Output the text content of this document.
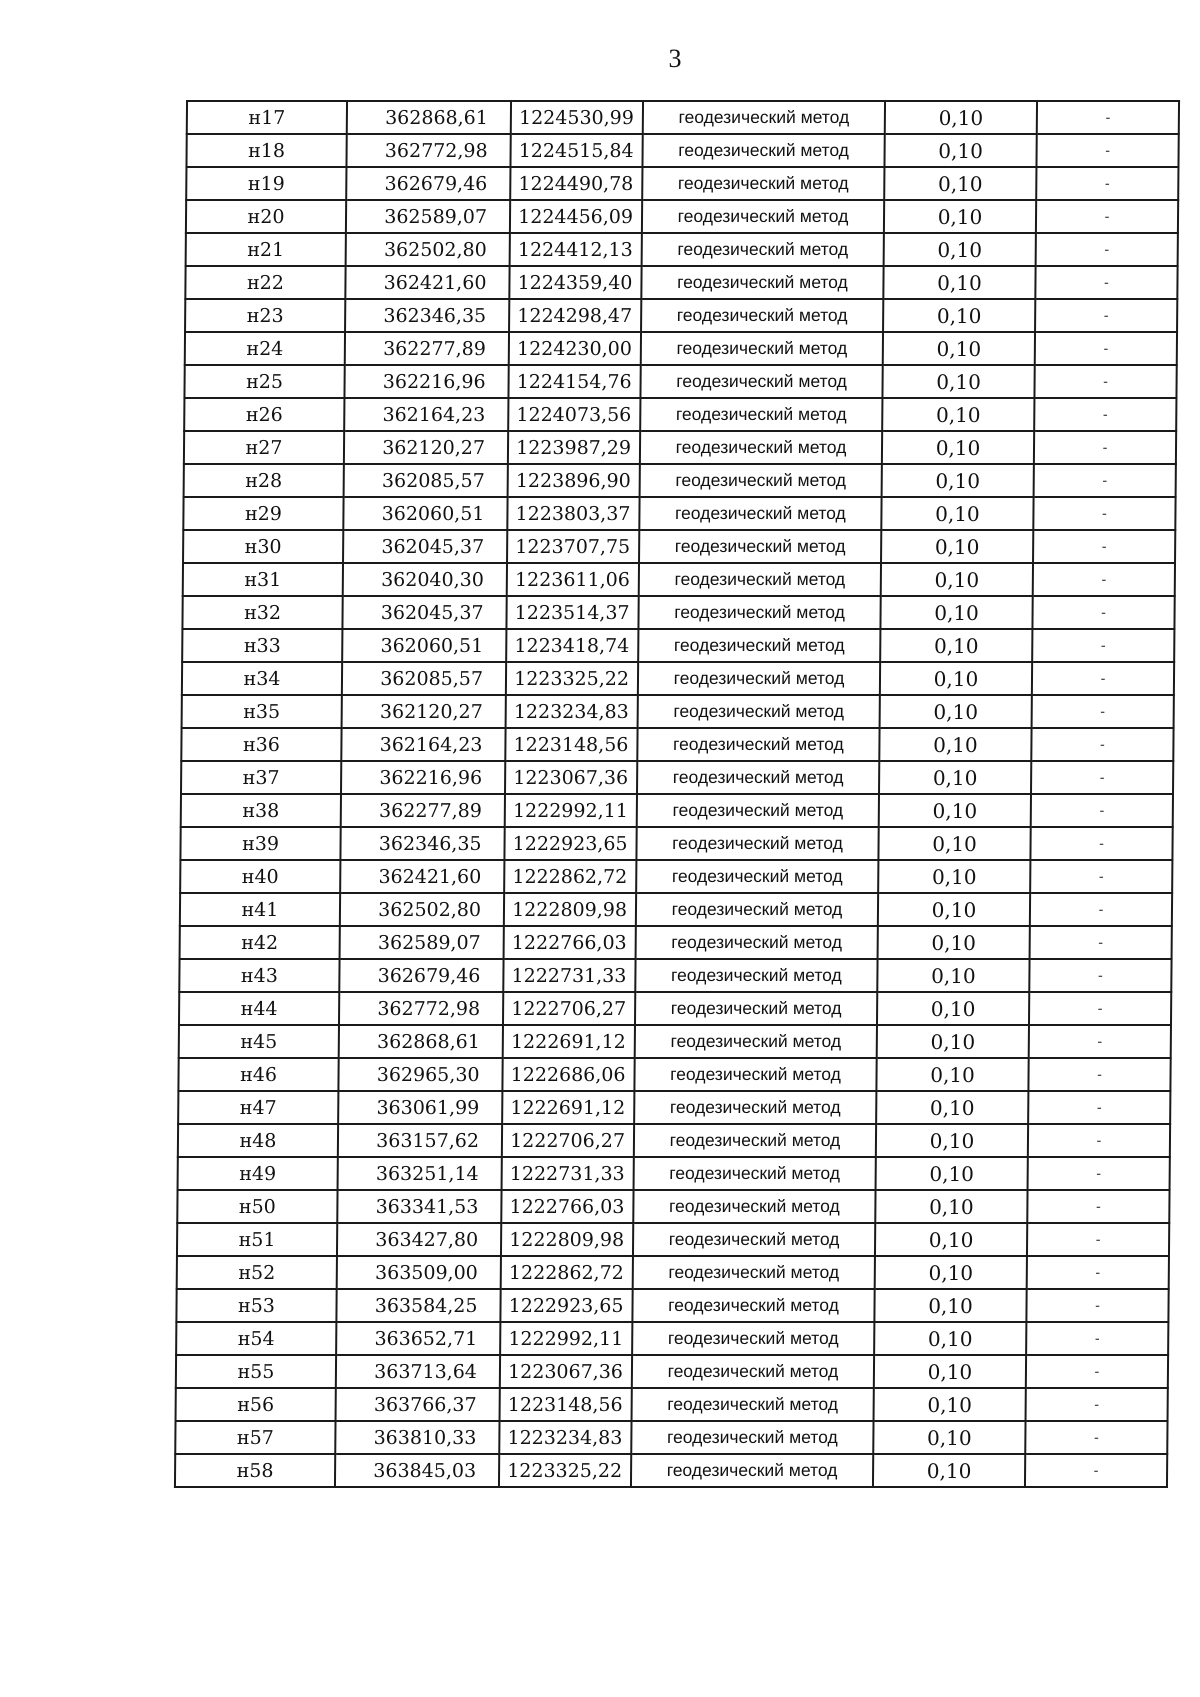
3
н17	362868,61	1224530,99	геодезический метод	0,10	-
н18	362772,98	1224515,84	геодезический метод	0,10	-
н19	362679,46	1224490,78	геодезический метод	0,10	-
н20	362589,07	1224456,09	геодезический метод	0,10	-
н21	362502,80	1224412,13	геодезический метод	0,10	-
н22	362421,60	1224359,40	геодезический метод	0,10	-
н23	362346,35	1224298,47	геодезический метод	0,10	-
н24	362277,89	1224230,00	геодезический метод	0,10	-
н25	362216,96	1224154,76	геодезический метод	0,10	-
н26	362164,23	1224073,56	геодезический метод	0,10	-
н27	362120,27	1223987,29	геодезический метод	0,10	-
н28	362085,57	1223896,90	геодезический метод	0,10	-
н29	362060,51	1223803,37	геодезический метод	0,10	-
н30	362045,37	1223707,75	геодезический метод	0,10	-
н31	362040,30	1223611,06	геодезический метод	0,10	-
н32	362045,37	1223514,37	геодезический метод	0,10	-
н33	362060,51	1223418,74	геодезический метод	0,10	-
н34	362085,57	1223325,22	геодезический метод	0,10	-
н35	362120,27	1223234,83	геодезический метод	0,10	-
н36	362164,23	1223148,56	геодезический метод	0,10	-
н37	362216,96	1223067,36	геодезический метод	0,10	-
н38	362277,89	1222992,11	геодезический метод	0,10	-
н39	362346,35	1222923,65	геодезический метод	0,10	-
н40	362421,60	1222862,72	геодезический метод	0,10	-
н41	362502,80	1222809,98	геодезический метод	0,10	-
н42	362589,07	1222766,03	геодезический метод	0,10	-
н43	362679,46	1222731,33	геодезический метод	0,10	-
н44	362772,98	1222706,27	геодезический метод	0,10	-
н45	362868,61	1222691,12	геодезический метод	0,10	-
н46	362965,30	1222686,06	геодезический метод	0,10	-
н47	363061,99	1222691,12	геодезический метод	0,10	-
н48	363157,62	1222706,27	геодезический метод	0,10	-
н49	363251,14	1222731,33	геодезический метод	0,10	-
н50	363341,53	1222766,03	геодезический метод	0,10	-
н51	363427,80	1222809,98	геодезический метод	0,10	-
н52	363509,00	1222862,72	геодезический метод	0,10	-
н53	363584,25	1222923,65	геодезический метод	0,10	-
н54	363652,71	1222992,11	геодезический метод	0,10	-
н55	363713,64	1223067,36	геодезический метод	0,10	-
н56	363766,37	1223148,56	геодезический метод	0,10	-
н57	363810,33	1223234,83	геодезический метод	0,10	-
н58	363845,03	1223325,22	геодезический метод	0,10	-
